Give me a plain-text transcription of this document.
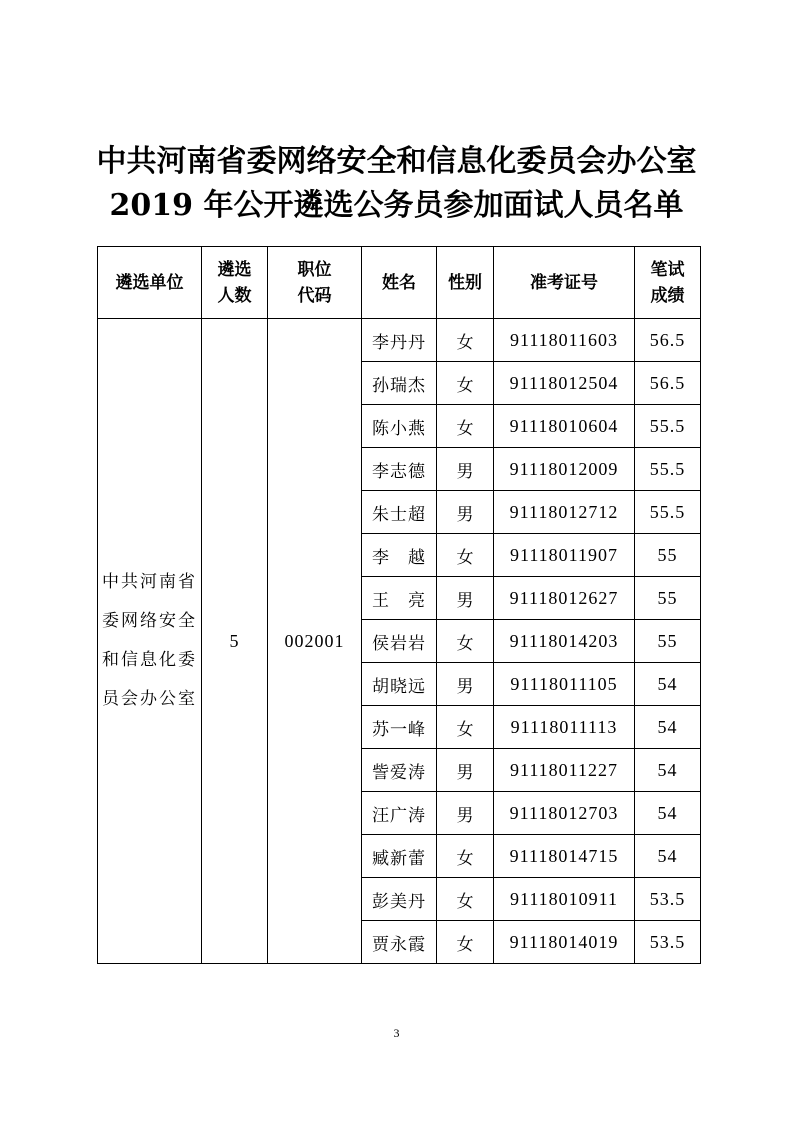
中共河南省委网络安全和信息化委员会办公室
2019 年公开遴选公务员参加面试人员名单
遴选单位	遴选人数	职位代码	姓名	性别	准考证号	笔试成绩

中共河南省委网络安全和信息化委员会办公室	5	002001	李丹丹	女	91118011603	56.5
			孙瑞杰	女	91118012504	56.5
			陈小燕	女	91118010604	55.5
			李志德	男	91118012009	55.5
			朱士超	男	91118012712	55.5
			李　越	女	91118011907	55
			王　亮	男	91118012627	55
			侯岩岩	女	91118014203	55
			胡晓远	男	91118011105	54
			苏一峰	女	91118011113	54
			訾爱涛	男	91118011227	54
			汪广涛	男	91118012703	54
			臧新蕾	女	91118014715	54
			彭美丹	女	91118010911	53.5
			贾永霞	女	91118014019	53.5
3
